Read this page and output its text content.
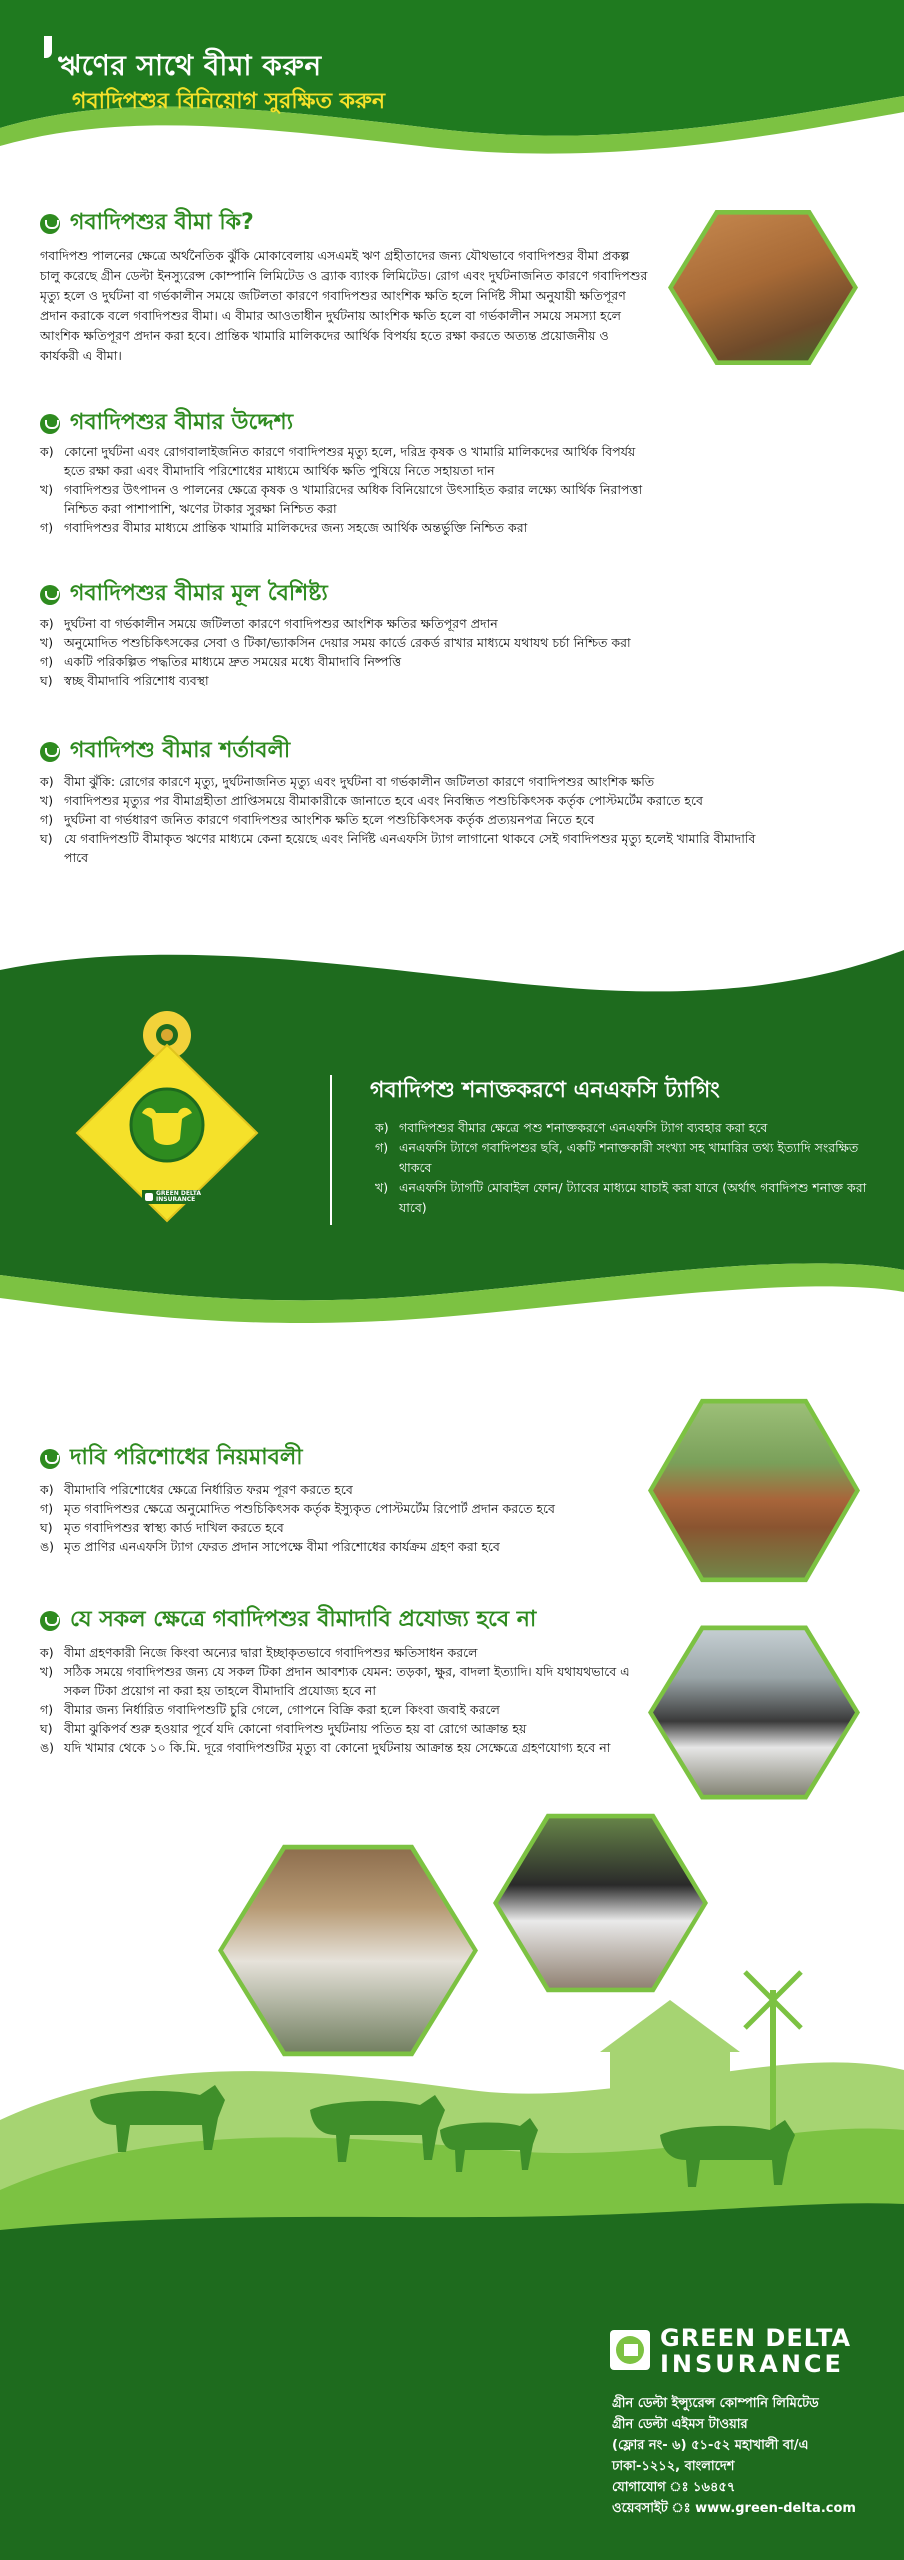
ঋণের সাথে বীমা করুন
গবাদিপশুর বিনিয়োগ সুরক্ষিত করুন
গবাদিপশুর বীমা কি?
গবাদিপশু পালনের ক্ষেত্রে অর্থনৈতিক ঝুঁকি মোকাবেলায় এসএমই ঋণ গ্রহীতাদের জন্য যৌথভাবে গবাদিপশুর বীমা প্রকল্প চালু করেছে গ্রীন ডেল্টা ইনস্যুরেন্স কোম্পানি লিমিটেড ও ব্র্যাক ব্যাংক লিমিটেড। রোগ এবং দুর্ঘটনাজনিত কারণে গবাদিপশুর মৃত্যু হলে ও দুর্ঘটনা বা গর্ভকালীন সময়ে জটিলতা কারণে গবাদিপশুর আংশিক ক্ষতি হলে নির্দিষ্ট সীমা অনুযায়ী ক্ষতিপূরণ প্রদান করাকে বলে গবাদিপশুর বীমা। এ বীমার আওতাধীন দুর্ঘটনায় আংশিক ক্ষতি হলে বা গর্ভকালীন সময়ে সমস্যা হলে আংশিক ক্ষতিপূরণ প্রদান করা হবে। প্রান্তিক খামারি মালিকদের আর্থিক বিপর্যয় হতে রক্ষা করতে অত্যন্ত প্রয়োজনীয় ও কার্যকরী এ বীমা।
গবাদিপশুর বীমার উদ্দেশ্য
ক) কোনো দুর্ঘটনা এবং রোগবালাইজনিত কারণে গবাদিপশুর মৃত্যু হলে, দরিদ্র কৃষক ও খামারি মালিকদের আর্থিক বিপর্যয় হতে রক্ষা করা এবং বীমাদাবি পরিশোধের মাধ্যমে আর্থিক ক্ষতি পুষিয়ে নিতে সহায়তা দান
খ) গবাদিপশুর উৎপাদন ও পালনের ক্ষেত্রে কৃষক ও খামারিদের অধিক বিনিয়োগে উৎসাহিত করার লক্ষ্যে আর্থিক নিরাপত্তা নিশ্চিত করা পাশাপাশি, ঋণের টাকার সুরক্ষা নিশ্চিত করা
গ) গবাদিপশুর বীমার মাধ্যমে প্রান্তিক খামারি মালিকদের জন্য সহজে আর্থিক অন্তর্ভুক্তি নিশ্চিত করা
গবাদিপশুর বীমার মূল বৈশিষ্ট্য
ক) দুর্ঘটনা বা গর্ভকালীন সময়ে জটিলতা কারণে গবাদিপশুর আংশিক ক্ষতির ক্ষতিপূরণ প্রদান
খ) অনুমোদিত পশুচিকিৎসকের সেবা ও টিকা/ভ্যাকসিন দেয়ার সময় কার্ডে রেকর্ড রাখার মাধ্যমে যথাযথ চর্চা নিশ্চিত করা
গ) একটি পরিকল্পিত পদ্ধতির মাধ্যমে দ্রুত সময়ের মধ্যে বীমাদাবি নিষ্পত্তি
ঘ) স্বচ্ছ বীমাদাবি পরিশোধ ব্যবস্থা
গবাদিপশু বীমার শর্তাবলী
ক) বীমা ঝুঁকি: রোগের কারণে মৃত্যু, দুর্ঘটনাজনিত মৃত্যু এবং দুর্ঘটনা বা গর্ভকালীন জটিলতা কারণে গবাদিপশুর আংশিক ক্ষতি
খ) গবাদিপশুর মৃত্যুর পর বীমাগ্রহীতা প্রাপ্তিসময়ে বীমাকারীকে জানাতে হবে এবং নিবন্ধিত পশুচিকিৎসক কর্তৃক পোস্টমর্টেম করাতে হবে
গ) দুর্ঘটনা বা গর্ভধারণ জনিত কারণে গবাদিপশুর আংশিক ক্ষতি হলে পশুচিকিৎসক কর্তৃক প্রত্যয়নপত্র নিতে হবে
ঘ) যে গবাদিপশুটি বীমাকৃত ঋণের মাধ্যমে কেনা হয়েছে এবং নির্দিষ্ট এনএফসি ট্যাগ লাগানো থাকবে সেই গবাদিপশুর মৃত্যু হলেই খামারি বীমাদাবি পাবে
GREEN DELTA INSURANCE
গবাদিপশু শনাক্তকরণে এনএফসি ট্যাগিং
ক) গবাদিপশুর বীমার ক্ষেত্রে পশু শনাক্তকরণে এনএফসি ট্যাগ ব্যবহার করা হবে
গ) এনএফসি ট্যাগে গবাদিপশুর ছবি, একটি শনাক্তকারী সংখ্যা সহ খামারির তথ্য ইত্যাদি সংরক্ষিত থাকবে
খ) এনএফসি ট্যাগটি মোবাইল ফোন/ ট্যাবের মাধ্যমে যাচাই করা যাবে (অর্থাৎ গবাদিপশু শনাক্ত করা যাবে)
দাবি পরিশোধের নিয়মাবলী
ক) বীমাদাবি পরিশোধের ক্ষেত্রে নির্ধারিত ফরম পূরণ করতে হবে
গ) মৃত গবাদিপশুর ক্ষেত্রে অনুমোদিত পশুচিকিৎসক কর্তৃক ইস্যুকৃত পোস্টমর্টেম রিপোর্ট প্রদান করতে হবে
ঘ) মৃত গবাদিপশুর স্বাস্থ্য কার্ড দাখিল করতে হবে
ঙ) মৃত প্রাণির এনএফসি ট্যাগ ফেরত প্রদান সাপেক্ষে বীমা পরিশোধের কার্যক্রম গ্রহণ করা হবে
যে সকল ক্ষেত্রে গবাদিপশুর বীমাদাবি প্রযোজ্য হবে না
ক) বীমা গ্রহণকারী নিজে কিংবা অন্যের দ্বারা ইচ্ছাকৃতভাবে গবাদিপশুর ক্ষতিসাধন করলে
খ) সঠিক সময়ে গবাদিপশুর জন্য যে সকল টিকা প্রদান আবশ্যক যেমন: তড়কা, ক্ষুর, বাদলা ইত্যাদি। যদি যথাযথভাবে এ সকল টিকা প্রয়োগ না করা হয় তাহলে বীমাদাবি প্রযোজ্য হবে না
গ) বীমার জন্য নির্ধারিত গবাদিপশুটি চুরি গেলে, গোপনে বিক্রি করা হলে কিংবা জবাই করলে
ঘ) বীমা ঝুকিপর্ব শুরু হওয়ার পূর্বে যদি কোনো গবাদিপশু দুর্ঘটনায় পতিত হয় বা রোগে আক্রান্ত হয়
ঙ) যদি খামার থেকে ১০ কি.মি. দূরে গবাদিপশুটির মৃত্যু বা কোনো দুর্ঘটনায় আক্রান্ত হয় সেক্ষেত্রে গ্রহণযোগ্য হবে না
GREEN DELTA
INSURANCE
গ্রীন ডেল্টা ইন্স্যুরেন্স কোম্পানি লিমিটেড
গ্রীন ডেল্টা এইমস টাওয়ার
(ফ্লোর নং- ৬) ৫১-৫২ মহাখালী বা/এ
ঢাকা-১২১২, বাংলাদেশ
যোগাযোগ ঃ ১৬৪৫৭
ওয়েবসাইট ঃ www.green-delta.com
